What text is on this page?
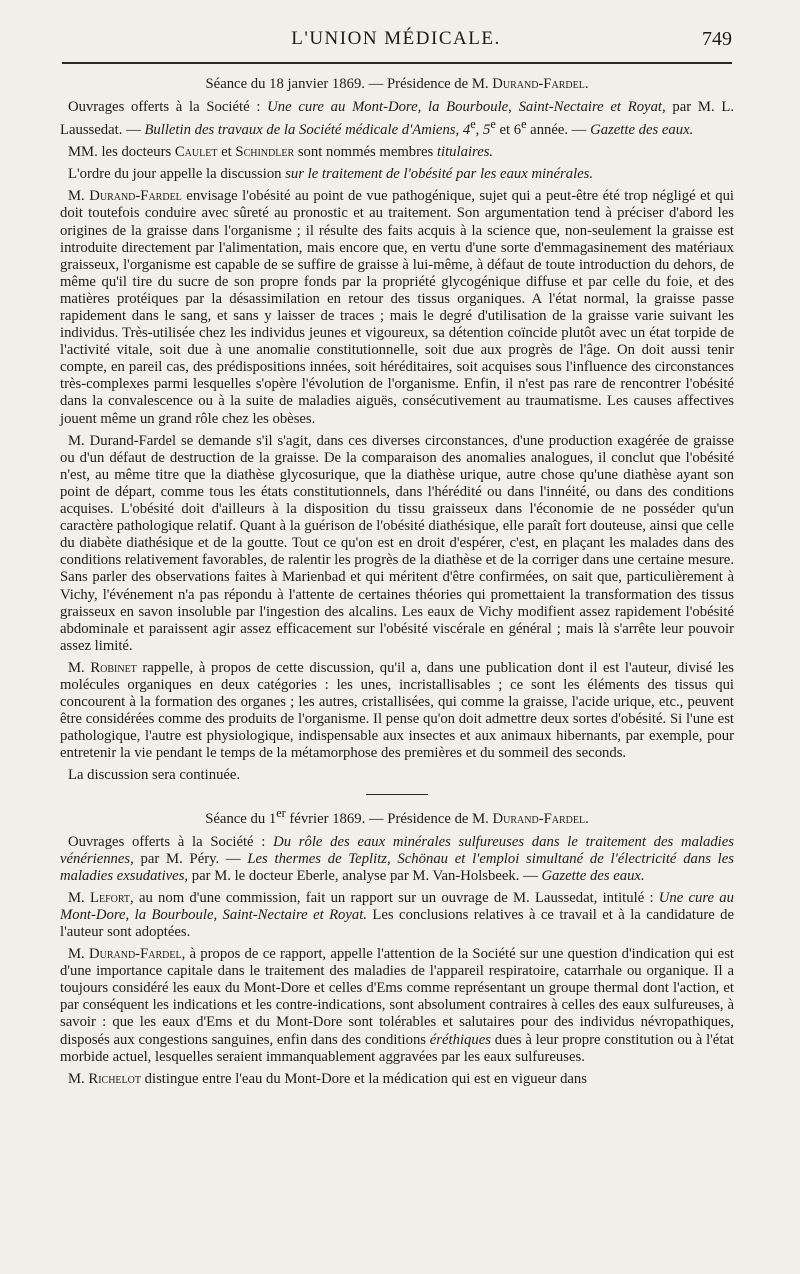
L'UNION MÉDICALE.	749

Séance du 18 janvier 1869. — Présidence de M. Durand-Fardel.

Ouvrages offerts à la Société : Une cure au Mont-Dore, la Bourboule, Saint-Nectaire et Royat, par M. L. Laussedat. — Bulletin des travaux de la Société médicale d'Amiens, 4e, 5e et 6e année. — Gazette des eaux.

MM. les docteurs Caulet et Schindler sont nommés membres titulaires.

L'ordre du jour appelle la discussion sur le traitement de l'obésité par les eaux minérales.

M. Durand-Fardel envisage l'obésité au point de vue pathogénique, sujet qui a peut-être été trop négligé et qui doit toutefois conduire avec sûreté au pronostic et au traitement. Son argumentation tend à préciser d'abord les origines de la graisse dans l'organisme ; il résulte des faits acquis à la science que, non-seulement la graisse est introduite directement par l'alimentation, mais encore que, en vertu d'une sorte d'emmagasinement des matériaux graisseux, l'organisme est capable de se suffire de graisse à lui-même, à défaut de toute introduction du dehors, de même qu'il tire du sucre de son propre fonds par la propriété glycogénique diffuse et par celle du foie, et des matières protéiques par la désassimilation en retour des tissus organiques. A l'état normal, la graisse passe rapidement dans le sang, et sans y laisser de traces ; mais le degré d'utilisation de la graisse varie suivant les individus. Très-utilisée chez les individus jeunes et vigoureux, sa détention coïncide plutôt avec un état torpide de l'activité vitale, soit due à une anomalie constitutionnelle, soit due aux progrès de l'âge. On doit aussi tenir compte, en pareil cas, des prédispositions innées, soit héréditaires, soit acquises sous l'influence des circonstances très-complexes parmi lesquelles s'opère l'évolution de l'organisme. Enfin, il n'est pas rare de rencontrer l'obésité dans la convalescence ou à la suite de maladies aiguës, consécutivement au traumatisme. Les causes affectives jouent même un grand rôle chez les obèses.

M. Durand-Fardel se demande s'il s'agit, dans ces diverses circonstances, d'une production exagérée de graisse ou d'un défaut de destruction de la graisse. De la comparaison des anomalies analogues, il conclut que l'obésité n'est, au même titre que la diathèse glycosurique, que la diathèse urique, autre chose qu'une diathèse ayant son point de départ, comme tous les états constitutionnels, dans l'hérédité ou dans l'innéité, ou dans des conditions acquises. L'obésité doit d'ailleurs à la disposition du tissu graisseux dans l'économie de ne posséder qu'un caractère pathologique relatif. Quant à la guérison de l'obésité diathésique, elle paraît fort douteuse, ainsi que celle du diabète diathésique et de la goutte. Tout ce qu'on est en droit d'espérer, c'est, en plaçant les malades dans des conditions relativement favorables, de ralentir les progrès de la diathèse et de la corriger dans une certaine mesure. Sans parler des observations faites à Marienbad et qui méritent d'être confirmées, on sait que, particulièrement à Vichy, l'événement n'a pas répondu à l'attente de certaines théories qui promettaient la transformation des tissus graisseux en savon insoluble par l'ingestion des alcalins. Les eaux de Vichy modifient assez rapidement l'obésité abdominale et paraissent agir assez efficacement sur l'obésité viscérale en général ; mais là s'arrête leur pouvoir assez limité.

M. Robinet rappelle, à propos de cette discussion, qu'il a, dans une publication dont il est l'auteur, divisé les molécules organiques en deux catégories : les unes, incristallisables ; ce sont les éléments des tissus qui concourent à la formation des organes ; les autres, cristallisées, qui comme la graisse, l'acide urique, etc., peuvent être considérées comme des produits de l'organisme. Il pense qu'on doit admettre deux sortes d'obésité. Si l'une est pathologique, l'autre est physiologique, indispensable aux insectes et aux animaux hibernants, par exemple, pour entretenir la vie pendant le temps de la métamorphose des premières et du sommeil des seconds.

La discussion sera continuée.

Séance du 1er février 1869. — Présidence de M. Durand-Fardel.

Ouvrages offerts à la Société : Du rôle des eaux minérales sulfureuses dans le traitement des maladies vénériennes, par M. Péry. — Les thermes de Teplitz, Schönau et l'emploi simultané de l'électricité dans les maladies exsudatives, par M. le docteur Eberle, analyse par M. Van-Holsbeek. — Gazette des eaux.

M. Lefort, au nom d'une commission, fait un rapport sur un ouvrage de M. Laussedat, intitulé : Une cure au Mont-Dore, la Bourboule, Saint-Nectaire et Royat. Les conclusions relatives à ce travail et à la candidature de l'auteur sont adoptées.

M. Durand-Fardel, à propos de ce rapport, appelle l'attention de la Société sur une question d'indication qui est d'une importance capitale dans le traitement des maladies de l'appareil respiratoire, catarrhale ou organique. Il a toujours considéré les eaux du Mont-Dore et celles d'Ems comme représentant un groupe thermal dont l'action, et par conséquent les indications et les contre-indications, sont absolument contraires à celles des eaux sulfureuses, à savoir : que les eaux d'Ems et du Mont-Dore sont tolérables et salutaires pour des individus névropathiques, disposés aux congestions sanguines, enfin dans des conditions éréthiques dues à leur propre constitution ou à l'état morbide actuel, lesquelles seraient immanquablement aggravées par les eaux sulfureuses.

M. Richelot distingue entre l'eau du Mont-Dore et la médication qui est en vigueur dans
